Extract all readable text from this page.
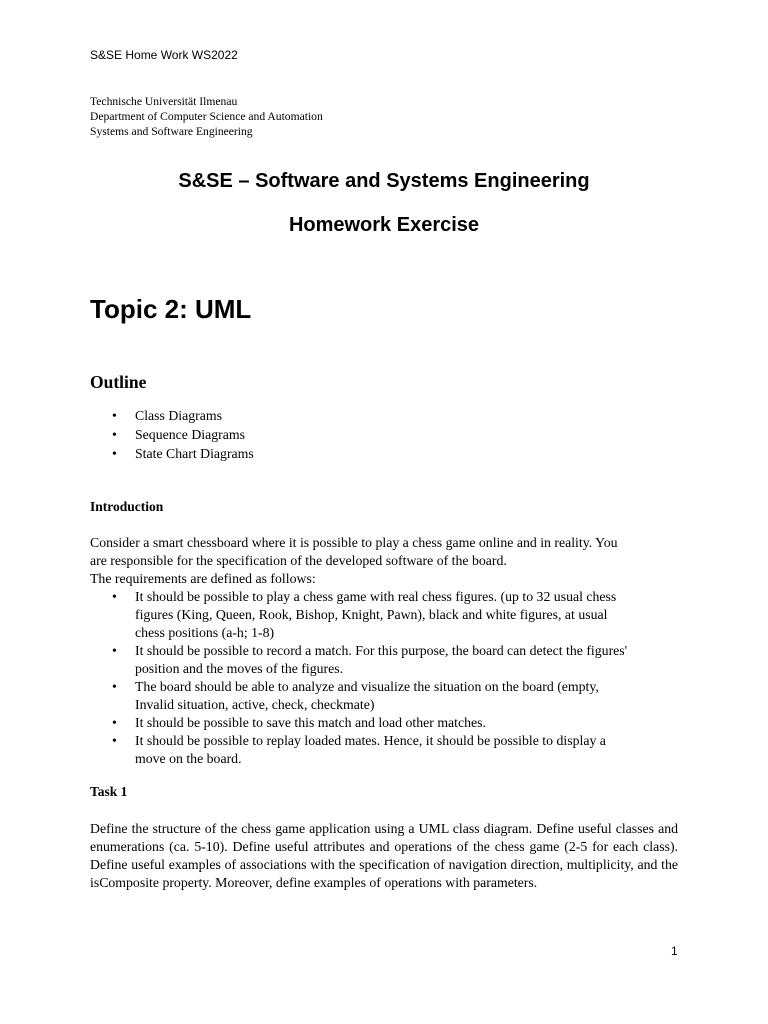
S&SE Home Work WS2022
Technische Universität Ilmenau
Department of Computer Science and Automation
Systems and Software Engineering
S&SE – Software and Systems Engineering
Homework Exercise
Topic 2: UML
Outline
• Class Diagrams
• Sequence Diagrams
• State Chart Diagrams
Introduction

Consider a smart chessboard where it is possible to play a chess game online and in reality. You

are responsible for the specification of the developed software of the board.

The requirements are defined as follows:

• It should be possible to play a chess game with real chess figures. (up to 32 usual chess
figures (King, Queen, Rook, Bishop, Knight, Pawn), black and white figures, at usual
chess positions (a-h; 1-8)
• It should be possible to record a match. For this purpose, the board can detect the figures'
position and the moves of the figures.
• The board should be able to analyze and visualize the situation on the board (empty,
Invalid situation, active, check, checkmate)
• It should be possible to save this match and load other matches.
• It should be possible to replay loaded mates. Hence, it should be possible to display a
move on the board.
Task 1
Define the structure of the chess game application using a UML class diagram. Define useful classes and enumerations (ca. 5-10). Define useful attributes and operations of the chess game (2-5 for each class). Define useful examples of associations with the specification of navigation direction, multiplicity, and the isComposite property. Moreover, define examples of operations with parameters.
1
